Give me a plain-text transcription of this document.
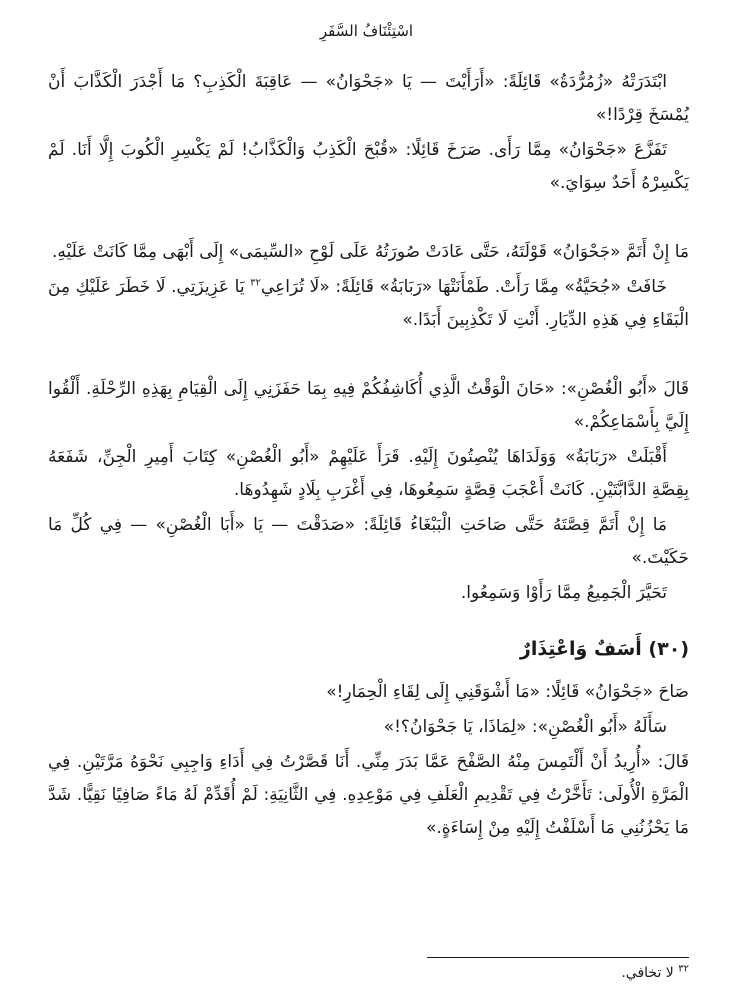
اسْتِئْنَافُ السَّفَرِ

ابْتَدَرَتْهُ «زُمُرُّدَةُ» قَائِلَةً: «أَرَأَيْتَ — يَا «جَحْوَانُ» — عَاقِبَةَ الْكَذِبِ؟ مَا أَجْدَرَ الْكَذَّابَ أَنْ يُمْسَخَ قِرْدًا!»

تَفَزَّعَ «جَحْوَانُ» مِمَّا رَأَى. صَرَخَ قَائِلًا: «قُبْحَ الْكَذِبُ وَالْكَذَّابُ! لَمْ يَكْسِرِ الْكُوبَ إِلَّا أَنَا. لَمْ يَكْسِرْهُ أَحَدٌ سِوَايَ.»

مَا إِنْ أَتَمَّ «جَحْوَانُ» قَوْلَتَهُ، حَتَّى عَادَتْ صُورَتُهُ عَلَى لَوْحِ «السِّيمَى» إِلَى أَبْهَى مِمَّا كَانَتْ عَلَيْهِ.

خَافَتْ «جُحَيَّةُ» مِمَّا رَأَتْ. طَمْأَنَتْهَا «رَبَابَةُ» قَائِلَةً: «لَا تُرَاعِي$^{٣٢}$ يَا عَزِيزَتِي. لَا خَطَرَ عَلَيْكِ مِنَ الْبَقَاءِ فِي هَذِهِ الدِّيَارِ. أَنْتِ لَا تَكْذِبِينَ أَبَدًا.»

قَالَ «أَبُو الْغُصْنِ»: «حَانَ الْوَقْتُ الَّذِي أُكَاشِفُكُمْ فِيهِ بِمَا حَفَزَنِي إِلَى الْقِيَامِ بِهَذِهِ الرِّحْلَةِ. أَلْقُوا إِلَيَّ بِأَسْمَاعِكُمْ.»

أَقْبَلَتْ «رَبَابَةُ» وَوَلَدَاهَا يُنْصِتُونَ إِلَيْهِ. قَرَأَ عَلَيْهِمْ «أَبُو الْغُصْنِ» كِتَابَ أَمِيرِ الْجِنِّ، شَفَعَهُ بِقِصَّةِ الدَّابَّتَيْنِ. كَانَتْ أَعْجَبَ قِصَّةٍ سَمِعُوهَا، فِي أَغْرَبِ بِلَادٍ شَهِدُوهَا.

مَا إِنْ أَتَمَّ قِصَّتَهُ حَتَّى صَاحَتِ الْبَبْغَاءُ قَائِلَةً: «صَدَقْتَ — يَا «أَبَا الْغُصْنِ» — فِي كُلِّ مَا حَكَيْتَ.»

تَحَيَّرَ الْجَمِيعُ مِمَّا رَأَوْا وَسَمِعُوا.

(٣٠) أَسَفٌ وَاعْتِذَارٌ

صَاحَ «جَحْوَانُ» قَائِلًا: «مَا أَشْوَقَنِي إِلَى لِقَاءِ الْحِمَارِ!»

سَأَلَهُ «أَبُو الْغُصْنِ»: «لِمَاذَا، يَا جَحْوَانُ؟!»

قَالَ: «أُرِيدُ أَنْ أَلْتَمِسَ مِنْهُ الصَّفْحَ عَمَّا بَدَرَ مِنِّي. أَنَا قَصَّرْتُ فِي أَدَاءِ وَاجِبِي نَحْوَهُ مَرَّتَيْنِ. فِي الْمَرَّةِ الْأُولَى: تَأَخَّرْتُ فِي تَقْدِيمِ الْعَلَفِ فِي مَوْعِدِهِ. فِي الثَّانِيَةِ: لَمْ أُقَدِّمْ لَهُ مَاءً صَافِيًا نَقِيًّا. شَدَّ مَا يَحْزُنُنِي مَا أَسْلَفْتُ إِلَيْهِ مِنْ إِسَاءَةٍ.»

$^{٣٢}$ لا تخافي.
